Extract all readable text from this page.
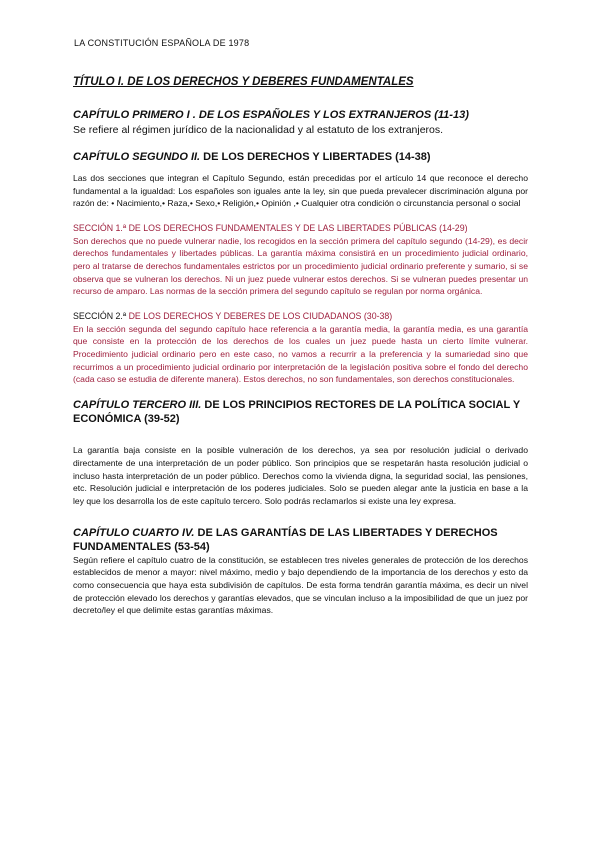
LA CONSTITUCIÓN ESPAÑOLA DE 1978

TÍTULO I. DE LOS DERECHOS Y DEBERES FUNDAMENTALES

CAPÍTULO PRIMERO I . DE LOS ESPAÑOLES Y LOS EXTRANJEROS (11-13)

Se refiere al régimen jurídico de la nacionalidad y al estatuto de los extranjeros.

CAPÍTULO SEGUNDO II. DE LOS DERECHOS Y LIBERTADES (14-38)

Las dos secciones que integran el Capítulo Segundo, están precedidas por el artículo 14 que reconoce el derecho fundamental a la igualdad: Los españoles son iguales ante la ley, sin que pueda prevalecer discriminación alguna por razón de: • Nacimiento,• Raza,• Sexo,• Religión,• Opinión ,• Cualquier otra condición o circunstancia personal o social

SECCIÓN 1.ª DE LOS DERECHOS FUNDAMENTALES Y DE LAS LIBERTADES PÚBLICAS (14-29)

Son derechos que no puede vulnerar nadie, los recogidos en la sección primera del capítulo segundo (14-29), es decir derechos fundamentales y libertades públicas. La garantía máxima consistirá en un procedimiento judicial ordinario, pero al tratarse de derechos fundamentales estrictos por un procedimiento judicial ordinario preferente y sumario, si se observa que se vulneran los derechos. Ni un juez puede vulnerar estos derechos. Si se vulneran puedes presentar un recurso de amparo. Las normas de la sección primera del segundo capítulo se regulan por norma orgánica.

SECCIÓN 2.ª DE LOS DERECHOS Y DEBERES DE LOS CIUDADANOS (30-38)

En la sección segunda del segundo capítulo hace referencia a la garantía media, la garantía media, es una garantía que consiste en la protección de los derechos de los cuales un juez puede hasta un cierto límite vulnerar. Procedimiento judicial ordinario pero en este caso, no vamos a recurrir a la preferencia y la sumariedad sino que recurrimos a un procedimiento judicial ordinario por interpretación de la legislación positiva sobre el fondo del derecho (cada caso se estudia de diferente manera). Estos derechos, no son fundamentales, son derechos constitucionales.

CAPÍTULO TERCERO III. DE LOS PRINCIPIOS RECTORES DE LA POLÍTICA SOCIAL Y ECONÓMICA (39-52)

La garantía baja consiste en la posible vulneración de los derechos, ya sea por resolución judicial o derivado directamente de una interpretación de un poder público. Son principios que se respetarán hasta resolución judicial o incluso hasta interpretación de un poder público. Derechos como la vivienda digna, la seguridad social, las pensiones, etc. Resolución judicial e interpretación de los poderes judiciales. Solo se pueden alegar ante la justicia en base a la ley que los desarrolla los de este capítulo tercero. Solo podrás reclamarlos si existe una ley expresa.

CAPÍTULO CUARTO IV. DE LAS GARANTÍAS DE LAS LIBERTADES Y DERECHOS FUNDAMENTALES (53-54)

Según refiere el capítulo cuatro de la constitución, se establecen tres niveles generales de protección de los derechos establecidos de menor a mayor: nivel máximo, medio y bajo dependiendo de la importancia de los derechos y esto da como consecuencia que haya esta subdivisión de capítulos. De esta forma tendrán garantía máxima, es decir un nivel de protección elevado los derechos y garantías elevados, que se vinculan incluso a la imposibilidad de que un juez por decreto/ley el que delimite estas garantías máximas.
